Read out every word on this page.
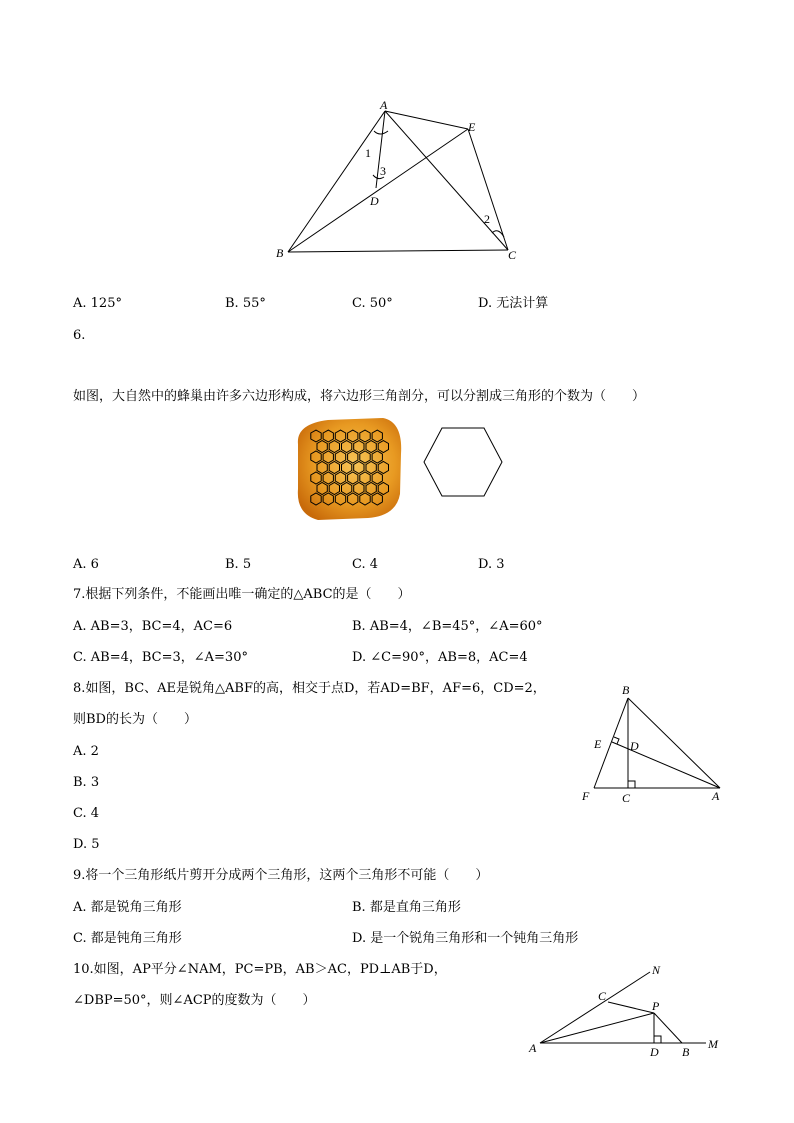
A
E
B	C
D
1
3
2
A. 125°	B. 55°	C. 50°	D. 无法计算
6.
如图，大自然中的蜂巢由许多六边形构成，将六边形三角剖分，可以分割成三角形的个数为（　　）
A. 6	B. 5	C. 4	D. 3
7.根据下列条件，不能画出唯一确定的△ABC的是（　　）
A. AB=3，BC=4，AC=6	B. AB=4，∠B=45°，∠A=60°
C. AB=4，BC=3，∠A=30°	D. ∠C=90°，AB=8，AC=4
8.如图，BC、AE是锐角△ABF的高，相交于点D，若AD=BF，AF=6，CD=2，
则BD的长为（　　）
A. 2
B. 3
C. 4
D. 5
B
E D
F	C	A
9.将一个三角形纸片剪开分成两个三角形，这两个三角形不可能（　　）
A. 都是锐角三角形	B. 都是直角三角形
C. 都是钝角三角形	D. 是一个锐角三角形和一个钝角三角形
10.如图，AP平分∠NAM，PC=PB，AB＞AC，PD⊥AB于D，
∠DBP=50°，则∠ACP的度数为（　　）
N
C
P
A	D B
M
